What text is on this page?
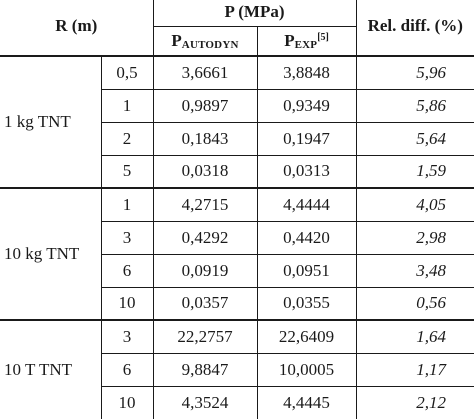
R (m)		P (MPa)		Rel. diff. (%)
		$P_{AUTODYN}$	$P_{EXP}[5]$
1 kg TNT	0,5	3,6661	3,8848	5,96
	1	0,9897	0,9349	5,86
	2	0,1843	0,1947	5,64
	5	0,0318	0,0313	1,59
10 kg TNT	1	4,2715	4,4444	4,05
	3	0,4292	0,4420	2,98
	6	0,0919	0,0951	3,48
	10	0,0357	0,0355	0,56
10 T TNT	3	22,2757	22,6409	1,64
	6	9,8847	10,0005	1,17
	10	4,3524	4,4445	2,12
